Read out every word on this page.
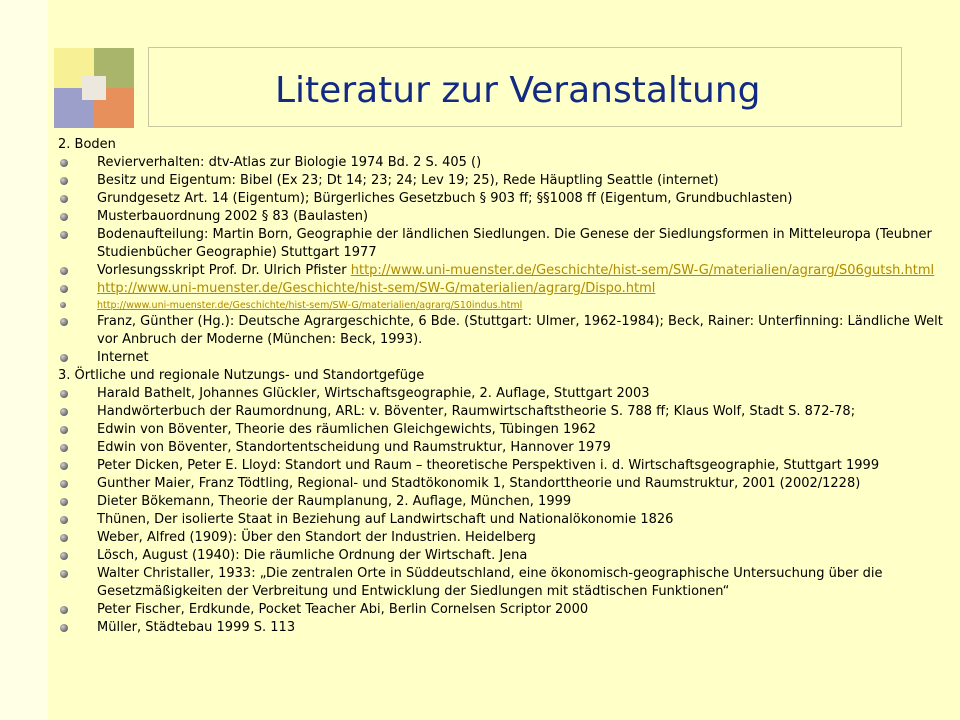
Literatur zur Veranstaltung
2. Boden
Revierverhalten: dtv-Atlas zur Biologie 1974 Bd. 2 S. 405 ()
Besitz und Eigentum: Bibel (Ex 23; Dt 14; 23; 24; Lev 19; 25), Rede Häuptling Seattle (internet)
Grundgesetz Art. 14 (Eigentum); Bürgerliches Gesetzbuch § 903 ff; §§1008 ff (Eigentum, Grundbuchlasten)
Musterbauordnung 2002 § 83 (Baulasten)
Bodenaufteilung: Martin Born, Geographie der ländlichen Siedlungen. Die Genese der Siedlungsformen in Mitteleuropa (Teubner Studienbücher Geographie) Stuttgart 1977
Vorlesungsskript Prof. Dr. Ulrich Pfister http://www.uni-muenster.de/Geschichte/hist-sem/SW-G/materialien/agrarg/S06gutsh.html
http://www.uni-muenster.de/Geschichte/hist-sem/SW-G/materialien/agrarg/Dispo.html
http://www.uni-muenster.de/Geschichte/hist-sem/SW-G/materialien/agrarg/S10indus.html
Franz, Günther (Hg.): Deutsche Agrargeschichte, 6 Bde. (Stuttgart: Ulmer, 1962-1984); Beck, Rainer: Unterfinning: Ländliche Welt vor Anbruch der Moderne (München: Beck, 1993).
Internet
3. Örtliche und regionale Nutzungs- und Standortgefüge
Harald Bathelt, Johannes Glückler, Wirtschaftsgeographie, 2. Auflage, Stuttgart 2003
Handwörterbuch der Raumordnung, ARL: v. Böventer, Raumwirtschaftstheorie S. 788 ff; Klaus Wolf, Stadt S. 872-78;
Edwin von Böventer, Theorie des räumlichen Gleichgewichts, Tübingen 1962
Edwin von Böventer, Standortentscheidung und Raumstruktur, Hannover 1979
Peter Dicken, Peter E. Lloyd: Standort und Raum – theoretische Perspektiven i. d. Wirtschaftsgeographie, Stuttgart 1999
Gunther Maier, Franz Tödtling, Regional- und Stadtökonomik 1, Standorttheorie und Raumstruktur, 2001 (2002/1228)
Dieter Bökemann, Theorie der Raumplanung, 2. Auflage, München, 1999
Thünen, Der isolierte Staat in Beziehung auf Landwirtschaft und Nationalökonomie 1826
Weber, Alfred (1909): Über den Standort der Industrien. Heidelberg
Lösch, August (1940): Die räumliche Ordnung der Wirtschaft. Jena
Walter Christaller, 1933: „Die zentralen Orte in Süddeutschland, eine ökonomisch-geographische Untersuchung über die Gesetzmäßigkeiten der Verbreitung und Entwicklung der Siedlungen mit städtischen Funktionen“
Peter Fischer, Erdkunde, Pocket Teacher Abi, Berlin Cornelsen Scriptor 2000
Müller, Städtebau 1999 S. 113
